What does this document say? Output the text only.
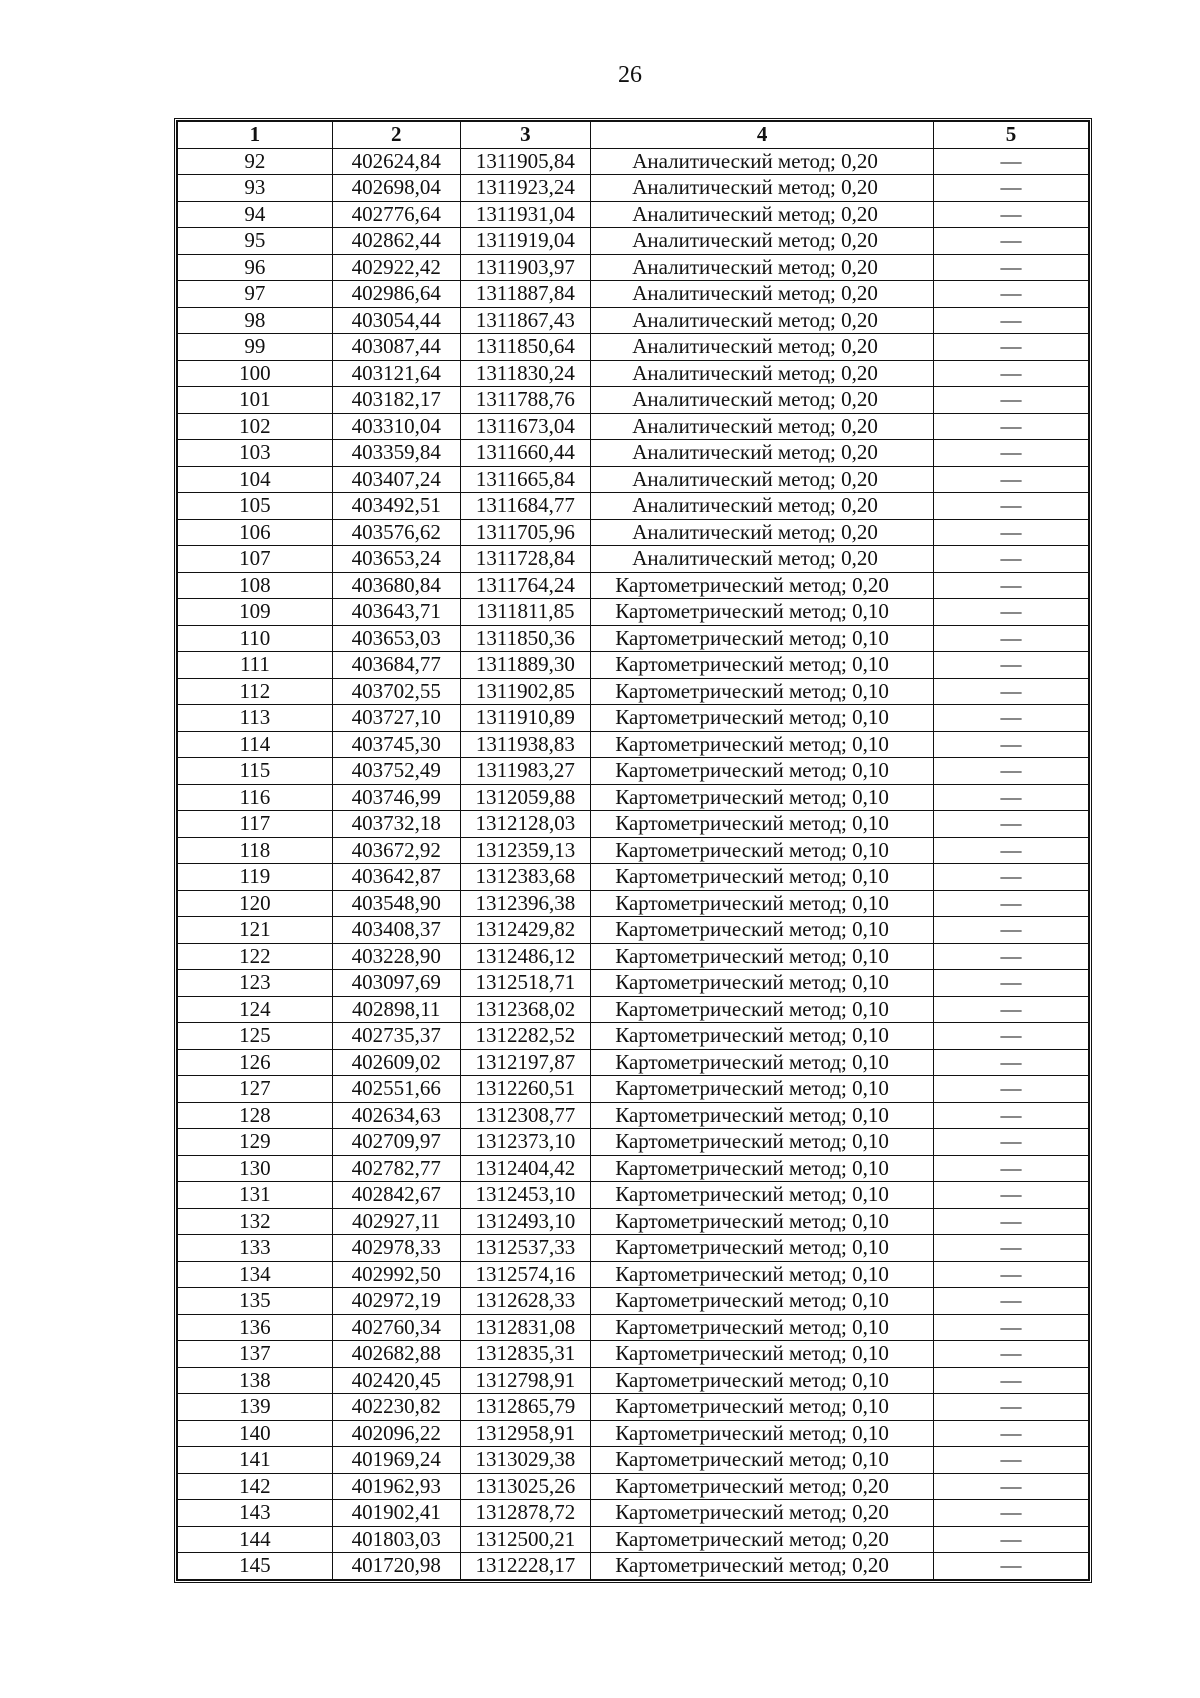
26
1	2	3	4	5
92	402624,84	1311905,84	Аналитический метод; 0,20	—
93	402698,04	1311923,24	Аналитический метод; 0,20	—
94	402776,64	1311931,04	Аналитический метод; 0,20	—
95	402862,44	1311919,04	Аналитический метод; 0,20	—
96	402922,42	1311903,97	Аналитический метод; 0,20	—
97	402986,64	1311887,84	Аналитический метод; 0,20	—
98	403054,44	1311867,43	Аналитический метод; 0,20	—
99	403087,44	1311850,64	Аналитический метод; 0,20	—
100	403121,64	1311830,24	Аналитический метод; 0,20	—
101	403182,17	1311788,76	Аналитический метод; 0,20	—
102	403310,04	1311673,04	Аналитический метод; 0,20	—
103	403359,84	1311660,44	Аналитический метод; 0,20	—
104	403407,24	1311665,84	Аналитический метод; 0,20	—
105	403492,51	1311684,77	Аналитический метод; 0,20	—
106	403576,62	1311705,96	Аналитический метод; 0,20	—
107	403653,24	1311728,84	Аналитический метод; 0,20	—
108	403680,84	1311764,24	Картометрический метод; 0,20	—
109	403643,71	1311811,85	Картометрический метод; 0,10	—
110	403653,03	1311850,36	Картометрический метод; 0,10	—
111	403684,77	1311889,30	Картометрический метод; 0,10	—
112	403702,55	1311902,85	Картометрический метод; 0,10	—
113	403727,10	1311910,89	Картометрический метод; 0,10	—
114	403745,30	1311938,83	Картометрический метод; 0,10	—
115	403752,49	1311983,27	Картометрический метод; 0,10	—
116	403746,99	1312059,88	Картометрический метод; 0,10	—
117	403732,18	1312128,03	Картометрический метод; 0,10	—
118	403672,92	1312359,13	Картометрический метод; 0,10	—
119	403642,87	1312383,68	Картометрический метод; 0,10	—
120	403548,90	1312396,38	Картометрический метод; 0,10	—
121	403408,37	1312429,82	Картометрический метод; 0,10	—
122	403228,90	1312486,12	Картометрический метод; 0,10	—
123	403097,69	1312518,71	Картометрический метод; 0,10	—
124	402898,11	1312368,02	Картометрический метод; 0,10	—
125	402735,37	1312282,52	Картометрический метод; 0,10	—
126	402609,02	1312197,87	Картометрический метод; 0,10	—
127	402551,66	1312260,51	Картометрический метод; 0,10	—
128	402634,63	1312308,77	Картометрический метод; 0,10	—
129	402709,97	1312373,10	Картометрический метод; 0,10	—
130	402782,77	1312404,42	Картометрический метод; 0,10	—
131	402842,67	1312453,10	Картометрический метод; 0,10	—
132	402927,11	1312493,10	Картометрический метод; 0,10	—
133	402978,33	1312537,33	Картометрический метод; 0,10	—
134	402992,50	1312574,16	Картометрический метод; 0,10	—
135	402972,19	1312628,33	Картометрический метод; 0,10	—
136	402760,34	1312831,08	Картометрический метод; 0,10	—
137	402682,88	1312835,31	Картометрический метод; 0,10	—
138	402420,45	1312798,91	Картометрический метод; 0,10	—
139	402230,82	1312865,79	Картометрический метод; 0,10	—
140	402096,22	1312958,91	Картометрический метод; 0,10	—
141	401969,24	1313029,38	Картометрический метод; 0,10	—
142	401962,93	1313025,26	Картометрический метод; 0,20	—
143	401902,41	1312878,72	Картометрический метод; 0,20	—
144	401803,03	1312500,21	Картометрический метод; 0,20	—
145	401720,98	1312228,17	Картометрический метод; 0,20	—
